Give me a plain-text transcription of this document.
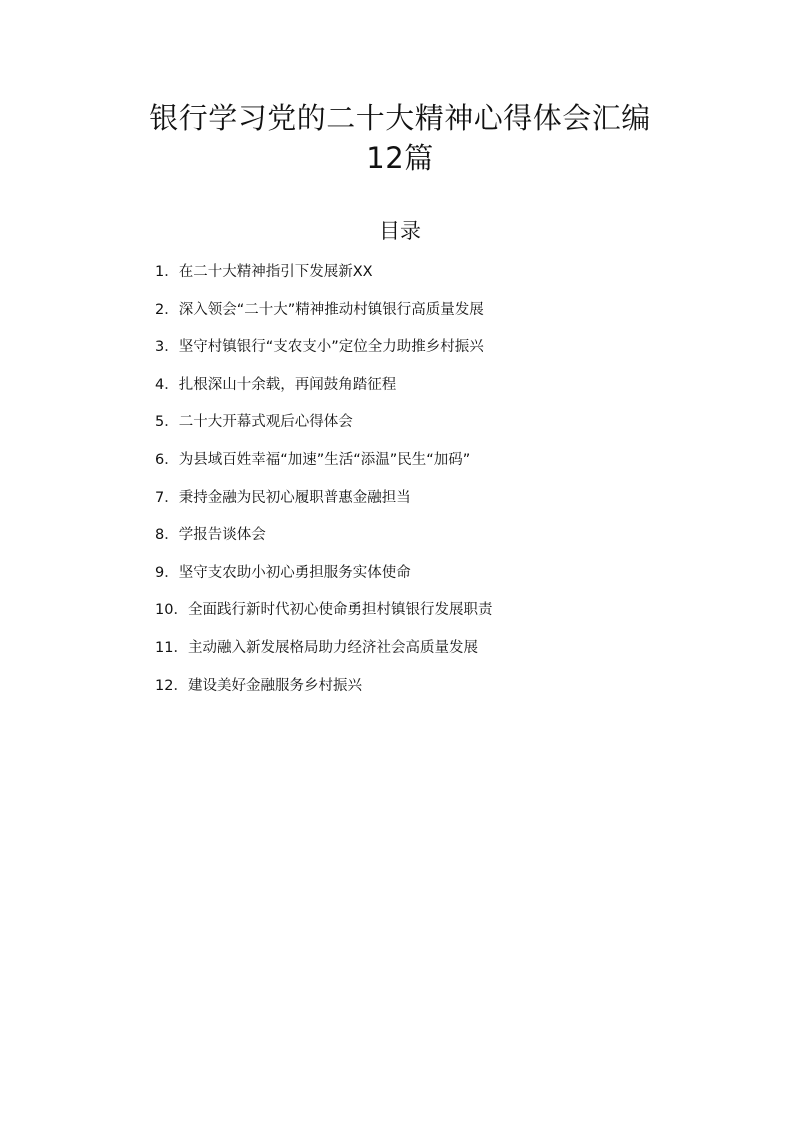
银行学习党的二十大精神心得体会汇编
12篇
目录
1． 在二十大精神指引下发展新XX
2． 深入领会“二十大”精神推动村镇银行高质量发展
3． 坚守村镇银行“支农支小”定位全力助推乡村振兴
4． 扎根深山十余载，再闻鼓角踏征程
5． 二十大开幕式观后心得体会
6． 为县域百姓幸福“加速”生活“添温”民生“加码”
7． 秉持金融为民初心履职普惠金融担当
8． 学报告谈体会
9． 坚守支农助小初心勇担服务实体使命
10． 全面践行新时代初心使命勇担村镇银行发展职责
11． 主动融入新发展格局助力经济社会高质量发展
12． 建设美好金融服务乡村振兴
